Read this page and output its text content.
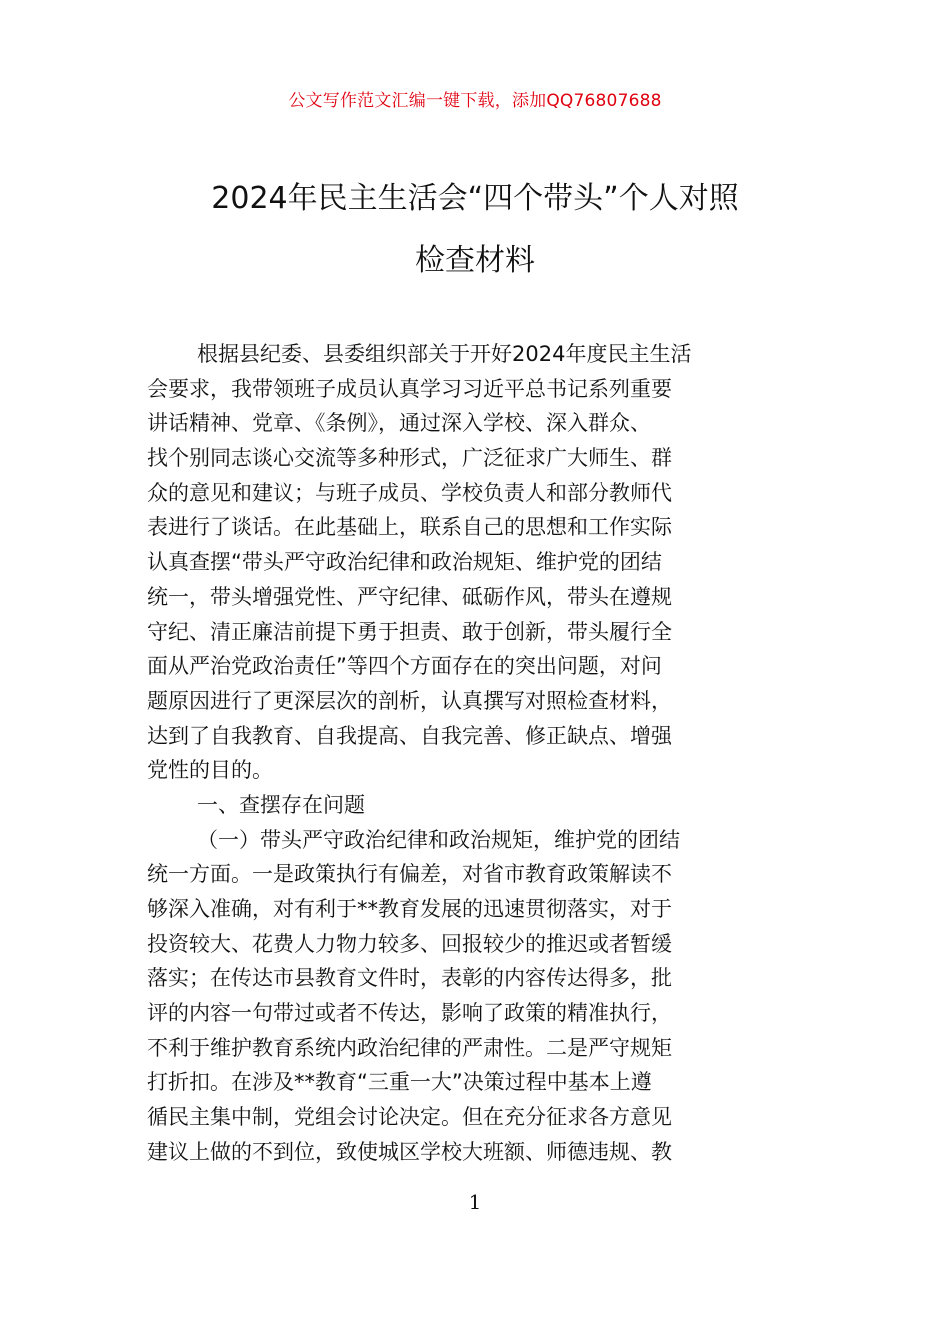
公文写作范文汇编一键下载，添加QQ76807688
2024年民主生活会“四个带头”个人对照
检查材料
根据县纪委、县委组织部关于开好2024年度民主生活
会要求，我带领班子成员认真学习习近平总书记系列重要
讲话精神、党章、《条例》，通过深入学校、深入群众、
找个别同志谈心交流等多种形式，广泛征求广大师生、群
众的意见和建议；与班子成员、学校负责人和部分教师代
表进行了谈话。在此基础上，联系自己的思想和工作实际
认真查摆“带头严守政治纪律和政治规矩、维护党的团结
统一，带头增强党性、严守纪律、砥砺作风，带头在遵规
守纪、清正廉洁前提下勇于担责、敢于创新，带头履行全
面从严治党政治责任”等四个方面存在的突出问题，对问
题原因进行了更深层次的剖析，认真撰写对照检查材料，
达到了自我教育、自我提高、自我完善、修正缺点、增强
党性的目的。
一、查摆存在问题
（一）带头严守政治纪律和政治规矩，维护党的团结
统一方面。一是政策执行有偏差，对省市教育政策解读不
够深入准确，对有利于**教育发展的迅速贯彻落实，对于
投资较大、花费人力物力较多、回报较少的推迟或者暂缓
落实；在传达市县教育文件时，表彰的内容传达得多，批
评的内容一句带过或者不传达，影响了政策的精准执行，
不利于维护教育系统内政治纪律的严肃性。二是严守规矩
打折扣。在涉及**教育“三重一大”决策过程中基本上遵
循民主集中制，党组会讨论决定。但在充分征求各方意见
建议上做的不到位，致使城区学校大班额、师德违规、教
1
